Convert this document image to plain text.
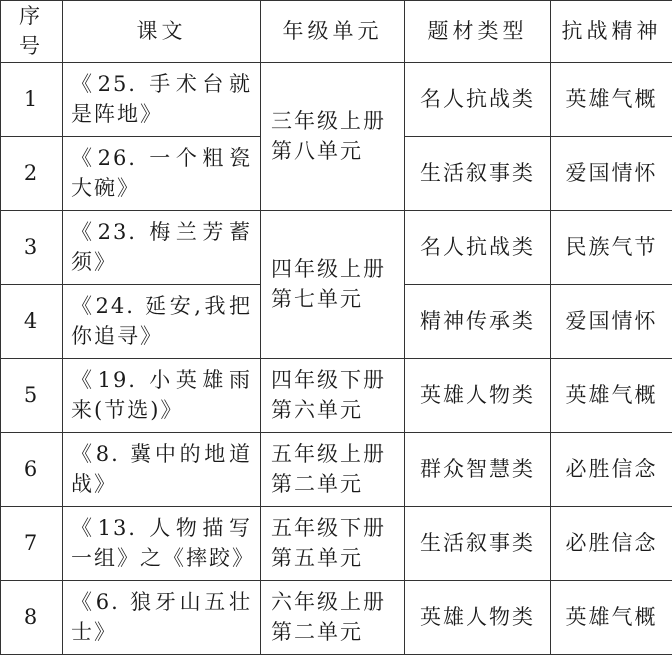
序号	课文	年级单元	题材类型	抗战精神
1	《25. 手术台就是阵地》	三年级上册第八单元	名人抗战类	英雄气概
2	《26. 一个粗瓷大碗》		生活叙事类	爱国情怀
3	《23. 梅兰芳蓄须》	四年级上册第七单元	名人抗战类	民族气节
4	《24. 延安,我把你追寻》		精神传承类	爱国情怀
5	《19. 小英雄雨来(节选)》	四年级下册第六单元	英雄人物类	英雄气概
6	《8. 冀中的地道战》	五年级上册第二单元	群众智慧类	必胜信念
7	《13. 人物描写一组》之《摔跤》	五年级下册第五单元	生活叙事类	必胜信念
8	《6. 狼牙山五壮士》	六年级上册第二单元	英雄人物类	英雄气概
